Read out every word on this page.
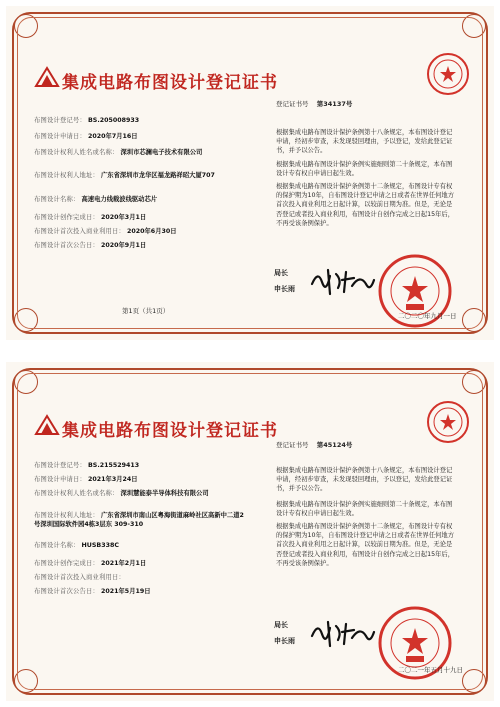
集成电路布图设计登记证书
登记证书号 第34137号
布图设计登记号： BS.205008933
布图设计申请日： 2020年7月16日
布图设计权利人姓名或名称： 深圳市芯澜电子技术有限公司
布图设计权利人地址： 广东省深圳市龙华区福龙路祥昭大厦707
布图设计名称： 高速电力线载波线驱动芯片
布图设计创作完成日： 2020年3月1日
布图设计首次投入商业利用日： 2020年6月30日
布图设计首次公告日： 2020年9月1日
根据集成电路布图设计保护条例第十八条规定，本布图设计登记申请，经初步审查，未发现驳回理由，予以登记，发给此登记证书，并予以公告。
根据集成电路布图设计保护条例实施细则第二十条规定，本布图设计专有权自申请日起生效。
根据集成电路布图设计保护条例第十二条规定，布图设计专有权的保护期为10年，自布图设计登记申请之日或者在世界任何地方首次投入商业利用之日起计算，以较前日期为准。但是，无论是否登记或者投入商业利用，布图设计自创作完成之日起15年后，不再受该条例保护。
局长
申长雨
二〇二〇年九月一日
第1页（共1页）
集成电路布图设计登记证书
登记证书号 第45124号
布图设计登记号： BS.215529413
布图设计申请日： 2021年3月24日
布图设计权利人姓名或名称： 深圳慧能泰半导体科技有限公司
布图设计权利人地址： 广东省深圳市南山区粤海街道麻岭社区高新中二道2号深圳国际软件园4栋3层东 309-310
布图设计名称： HUSB338C
布图设计创作完成日： 2021年2月1日
布图设计首次投入商业利用日：
布图设计首次公告日： 2021年5月19日
根据集成电路布图设计保护条例第十八条规定，本布图设计登记申请，经初步审查，未发现驳回理由，予以登记，发给此登记证书，并予以公告。
根据集成电路布图设计保护条例实施细则第二十条规定，本布图设计专有权自申请日起生效。
根据集成电路布图设计保护条例第十二条规定，布图设计专有权的保护期为10年，自布图设计登记申请之日或者在世界任何地方首次投入商业利用之日起计算，以较前日期为准。但是，无论是否登记或者投入商业利用，布图设计自创作完成之日起15年后，不再受该条例保护。
局长
申长雨
二〇二一年五月十九日
